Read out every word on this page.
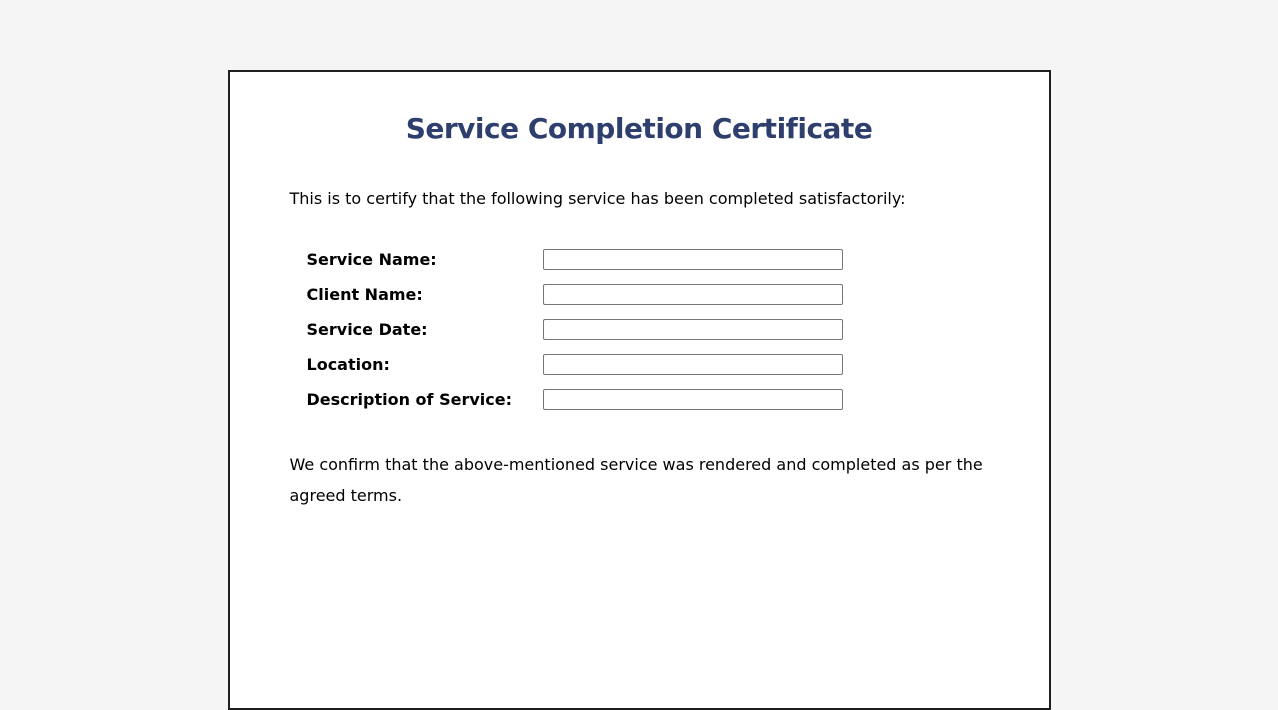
Service Completion Certificate

This is to certify that the following service has been completed satisfactorily:

Service Name:
Client Name:
Service Date:
Location:
Description of Service:

We confirm that the above-mentioned service was rendered and completed as per the agreed terms.
